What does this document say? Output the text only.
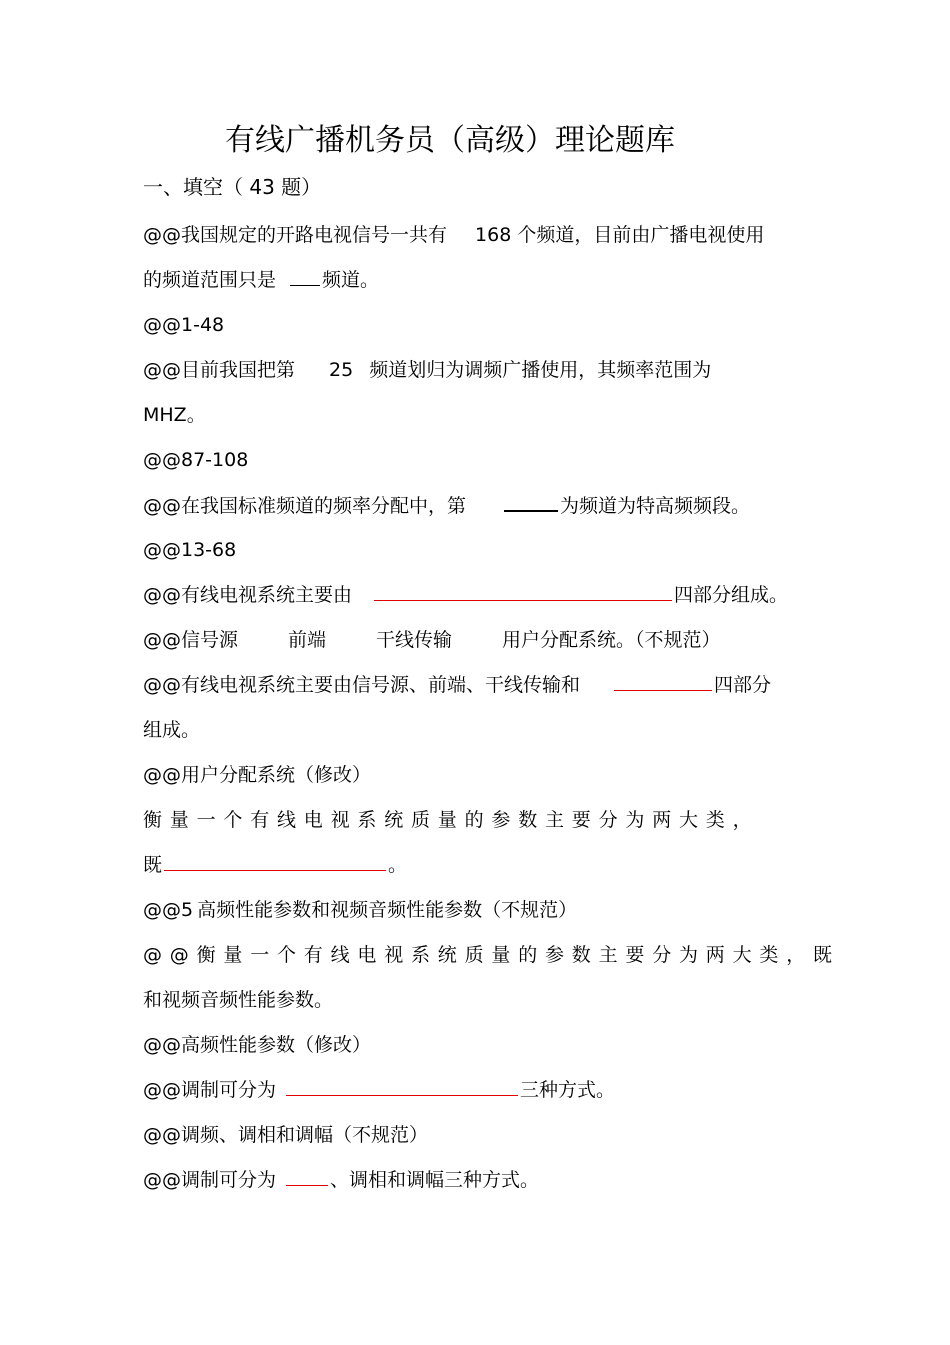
有线广播机务员（高级）理论题库
一、填空（ 43 题）
@@我国规定的开路电视信号一共有 168 个频道，目前由广播电视使用
的频道范围只是 频道。
@@1-48
@@目前我国把第 25 频道划归为调频广播使用，其频率范围为
MHZ。
@@87-108
@@在我国标准频道的频率分配中，第	为频道为特高频频段。
@@13-68
@@有线电视系统主要由	四部分组成。
@@信号源	前端	干线传输	用户分配系统。（不规范）
@@有线电视系统主要由信号源、前端、干线传输和	四部分
组成。
@@用户分配系统（修改）
衡量一个有线电视系统质量的参数主要分为两大类，
既	。
@@5 高频性能参数和视频音频性能参数（不规范）
@@衡量一个有线电视系统质量的参数主要分为两大类，既
和视频音频性能参数。
@@高频性能参数（修改）
@@调制可分为	三种方式。
@@调频、调相和调幅（不规范）
@@调制可分为	、调相和调幅三种方式。
